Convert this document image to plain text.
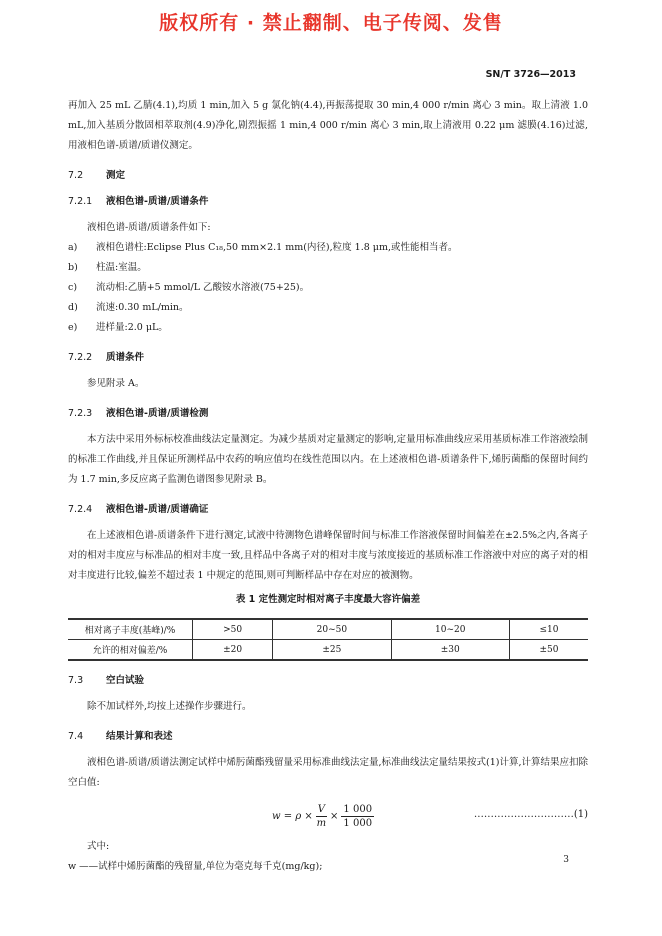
版权所有 · 禁止翻制、电子传阅、发售
SN/T 3726—2013

再加入 25 mL 乙腈(4.1),均质 1 min,加入 5 g 氯化钠(4.4),再振荡提取 30 min,4 000 r/min 离心 3 min。取上清液 1.0 mL,加入基质分散固相萃取剂(4.9)净化,剧烈振摇 1 min,4 000 r/min 离心 3 min,取上清液用 0.22 μm 滤膜(4.16)过滤,用液相色谱-质谱/质谱仪测定。

7.2 测定
7.2.1 液相色谱-质谱/质谱条件

液相色谱-质谱/质谱条件如下:

a) 液相色谱柱:Eclipse Plus C₁₈,50 mm×2.1 mm(内径),粒度 1.8 μm,或性能相当者。
b) 柱温:室温。
c) 流动相:乙腈+5 mmol/L 乙酸铵水溶液(75+25)。
d) 流速:0.30 mL/min。
e) 进样量:2.0 μL。
7.2.2 质谱条件

参见附录 A。

7.2.3 液相色谱-质谱/质谱检测

本方法中采用外标标校准曲线法定量测定。为减少基质对定量测定的影响,定量用标准曲线应采用基质标准工作溶液绘制的标准工作曲线,并且保证所测样品中农药的响应值均在线性范围以内。在上述液相色谱-质谱条件下,烯肟菌酯的保留时间约为 1.7 min,多反应离子监测色谱图参见附录 B。

7.2.4 液相色谱-质谱/质谱确证

在上述液相色谱-质谱条件下进行测定,试液中待测物色谱峰保留时间与标准工作溶液保留时间偏差在±2.5%之内,各离子对的相对丰度应与标准品的相对丰度一致,且样品中各离子对的相对丰度与浓度接近的基质标准工作溶液中对应的离子对的相对丰度进行比较,偏差不超过表 1 中规定的范围,则可判断样品中存在对应的被测物。

表 1 定性测定时相对离子丰度最大容许偏差
相对离子丰度(基峰)/%	>50	20~50	10~20	≤10
允许的相对偏差/%	±20	±25	±30	±50
7.3 空白试验

除不加试样外,均按上述操作步骤进行。

7.4 结果计算和表述

液相色谱-质谱/质谱法测定试样中烯肟菌酯残留量采用标准曲线法定量,标准曲线法定量结果按式(1)计算,计算结果应扣除空白值:

w
=
ρ
× $\frac{V}{m} \times \frac{1 000}{1 000}$	…………………………(1)

式中:

w ——试样中烯肟菌酯的残留量,单位为毫克每千克(mg/kg);

3
